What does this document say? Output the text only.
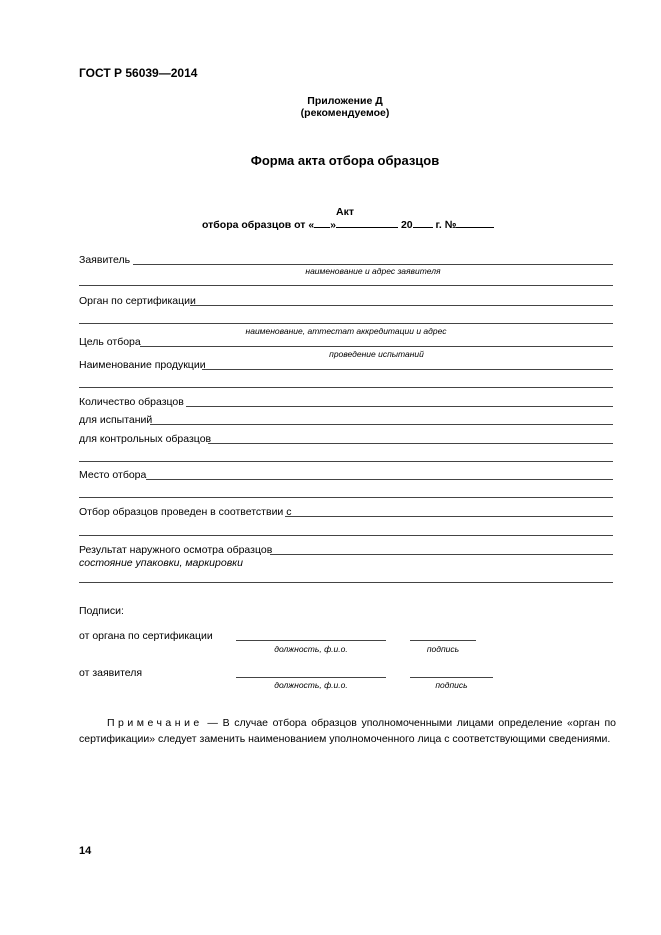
ГОСТ Р 56039—2014
Приложение Д
(рекомендуемое)
Форма акта отбора образцов
Акт
отбора образцов от « »	20 г. №
Заявитель
наименование и адрес заявителя
Орган по сертификации
наименование, аттестат аккредитации и адрес
Цель отбора
проведение испытаний
Наименование продукции
Количество образцов
для испытаний
для контрольных образцов
Место отбора
Отбор образцов проведен в соответствии с
Результат наружного осмотра образцов
состояние упаковки, маркировки
Подписи:
от органа по сертификации
должность, ф.и.о.	подпись
от заявителя
должность, ф.и.о.	подпись
Примечание — В случае отбора образцов уполномоченными лицами определение «орган по сертификации» следует заменить наименованием уполномоченного лица с соответствующими сведениями.
14
